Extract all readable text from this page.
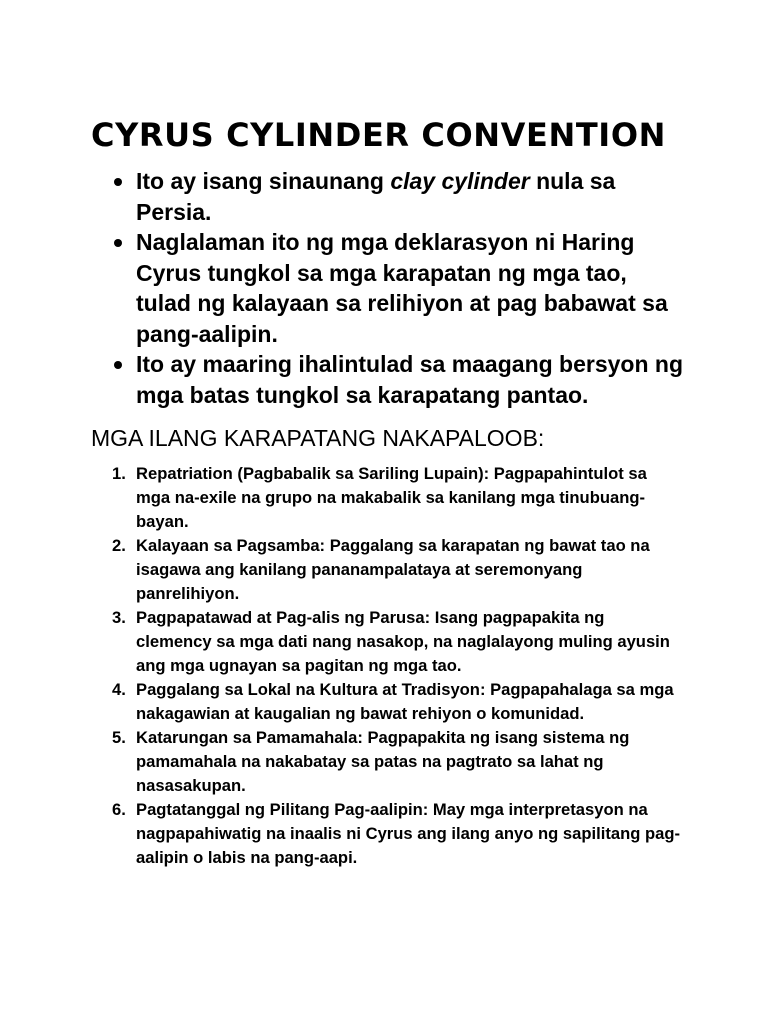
CYRUS CYLINDER CONVENTION
Ito ay isang sinaunang clay cylinder nula sa Persia.
Naglalaman ito ng mga deklarasyon ni Haring Cyrus tungkol sa mga karapatan ng mga tao, tulad ng kalayaan sa relihiyon at pag babawat sa pang-aalipin.
Ito ay maaring ihalintulad sa maagang bersyon ng mga batas tungkol sa karapatang pantao.
MGA ILANG KARAPATANG NAKAPALOOB:
1. Repatriation (Pagbabalik sa Sariling Lupain): Pagpapahintulot sa mga na-exile na grupo na makabalik sa kanilang mga tinubuang-bayan.
2. Kalayaan sa Pagsamba: Paggalang sa karapatan ng bawat tao na isagawa ang kanilang pananampalataya at seremonyang panrelihiyon.
3. Pagpapatawad at Pag-alis ng Parusa: Isang pagpapakita ng clemency sa mga dati nang nasakop, na naglalayong muling ayusin ang mga ugnayan sa pagitan ng mga tao.
4. Paggalang sa Lokal na Kultura at Tradisyon: Pagpapahalaga sa mga nakagawian at kaugalian ng bawat rehiyon o komunidad.
5. Katarungan sa Pamamahala: Pagpapakita ng isang sistema ng pamamahala na nakabatay sa patas na pagtrato sa lahat ng nasasakupan.
6. Pagtatanggal ng Pilitang Pag-aalipin: May mga interpretasyon na nagpapahiwatig na inaalis ni Cyrus ang ilang anyo ng sapilitang pag-aalipin o labis na pang-aapi.
